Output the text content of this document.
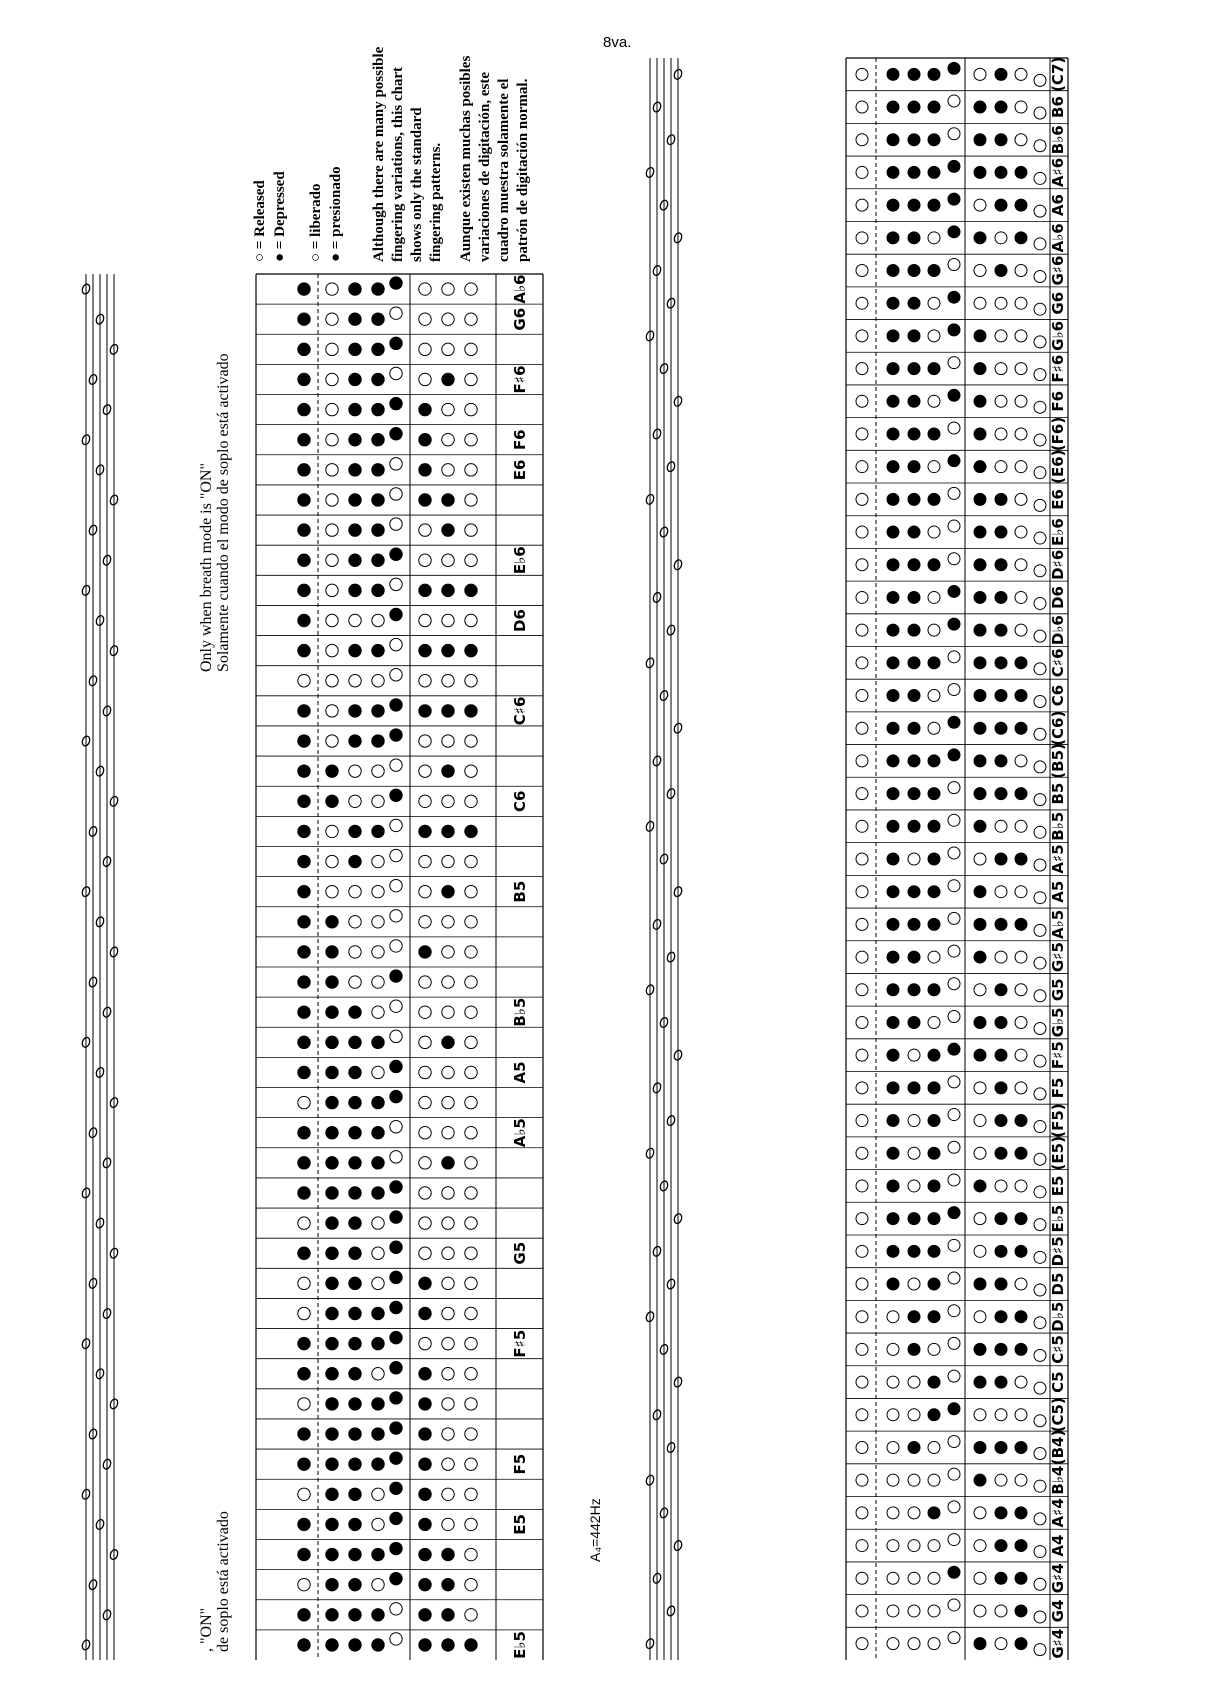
○ = Released
● = Depressed
○ = liberado
● = presionado Although there are many possible fingering variations, this chart shows only the standard fingering patterns. Aunque existen muchas posibles variaciones de digitación, este cuadro muestra solamente el patrón de digitación normal.
Only when breath mode is "ON" Solamente cuando el modo de soplo está activado
, "ON" de soplo está activado	A₄=442Hz
8va.
E♭5
E5
F5
F♯5
G5
A♭5
A5
B♭5
B5
C6
C♯6
D6
E♭6
E6
F6
F♯6
G6
A♭6
G♯4
G4
G♯4
A4
A♯4
B♭4
(B4)
(C5)
C5
C♯5
D♭5
D5
D♯5
E♭5
E5
(E5)
(F5)
F5
F♯5
G♭5
G5
G♯5
A♭5
A5
A♯5
B♭5
B5
(B5)
(C6)
C6
C♯6
D♭6
D6
D♯6
E♭6
E6
(E6)
(F6)
F6
F♯6
G♭6
G6
G♯6
A♭6
A6
A♯6
B♭6
B6
(C7)
